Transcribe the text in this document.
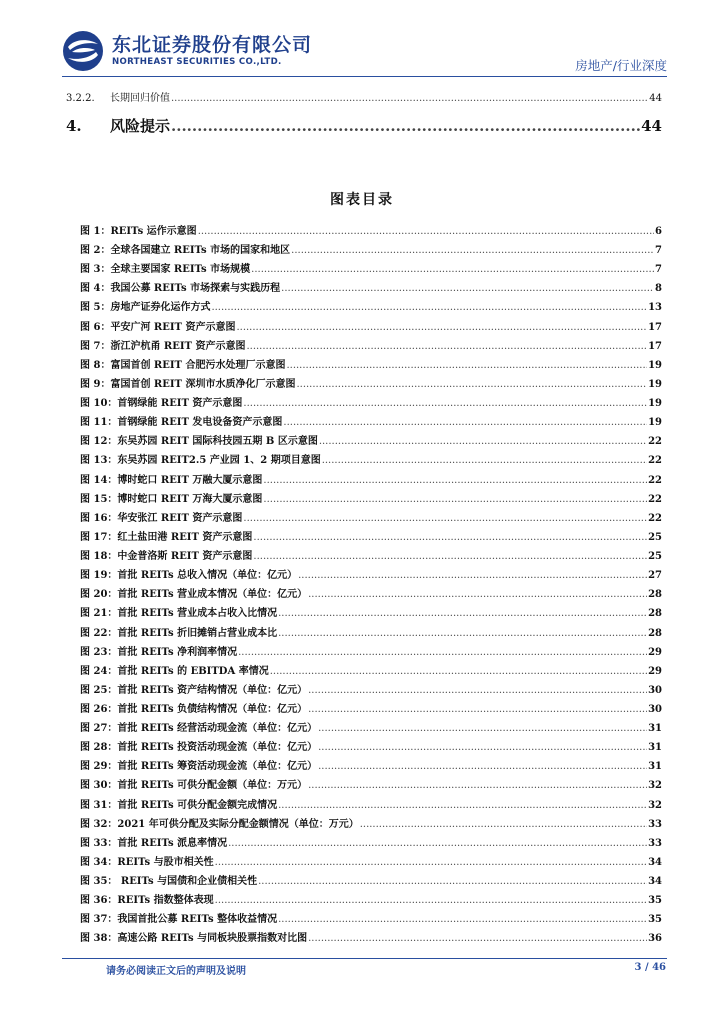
东北证券股份有限公司
NORTHEAST SECURITIES CO.,LTD.	房地产/行业深度
3.2.2. 长期回归价值 .....	44
4. 风险提示 .....	44
图表目录
图 1：REITs 运作示意图 .....	6
图 2：全球各国建立 REITs 市场的国家和地区 .....	7
图 3：全球主要国家 REITs 市场规模 .....	7
图 4：我国公募 REITs 市场探索与实践历程 .....	8
图 5：房地产证券化运作方式 .....	13
图 6：平安广河 REIT 资产示意图 .....	17
图 7：浙江沪杭甬 REIT 资产示意图 .....	17
图 8：富国首创 REIT 合肥污水处理厂示意图 .....	19
图 9：富国首创 REIT 深圳市水质净化厂示意图 .....	19
图 10：首钢绿能 REIT 资产示意图 .....	19
图 11：首钢绿能 REIT 发电设备资产示意图 .....	19
图 12：东吴苏园 REIT 国际科技园五期 B 区示意图 .....	22
图 13：东吴苏园 REIT2.5 产业园 1、2 期项目意图 .....	22
图 14：博时蛇口 REIT 万融大厦示意图 .....	22
图 15：博时蛇口 REIT 万海大厦示意图 .....	22
图 16：华安张江 REIT 资产示意图 .....	22
图 17：红土盐田港 REIT 资产示意图 .....	25
图 18：中金普洛斯 REIT 资产示意图 .....	25
图 19：首批 REITs 总收入情况（单位：亿元） .....	27
图 20：首批 REITs 营业成本情况（单位：亿元） .....	28
图 21：首批 REITs 营业成本占收入比情况 .....	28
图 22：首批 REITs 折旧摊销占营业成本比 .....	28
图 23：首批 REITs 净利润率情况 .....	29
图 24：首批 REITs 的 EBITDA 率情况 .....	29
图 25：首批 REITs 资产结构情况（单位：亿元） .....	30
图 26：首批 REITs 负债结构情况（单位：亿元） .....	30
图 27：首批 REITs 经营活动现金流（单位：亿元） .....	31
图 28：首批 REITs 投资活动现金流（单位：亿元） .....	31
图 29：首批 REITs 筹资活动现金流（单位：亿元） .....	31
图 30：首批 REITs 可供分配金额（单位：万元） .....	32
图 31：首批 REITs 可供分配金额完成情况 .....	32
图 32：2021 年可供分配及实际分配金额情况（单位：万元） .....	33
图 33：首批 REITs 派息率情况 .....	33
图 34：REITs 与股市相关性 .....	34
图 35： REITs 与国债和企业债相关性 .....	34
图 36：REITs 指数整体表现 .....	35
图 37：我国首批公募 REITs 整体收益情况 .....	35
图 38：高速公路 REITs 与同板块股票指数对比图 .....	36
请务必阅读正文后的声明及说明	3 / 46
